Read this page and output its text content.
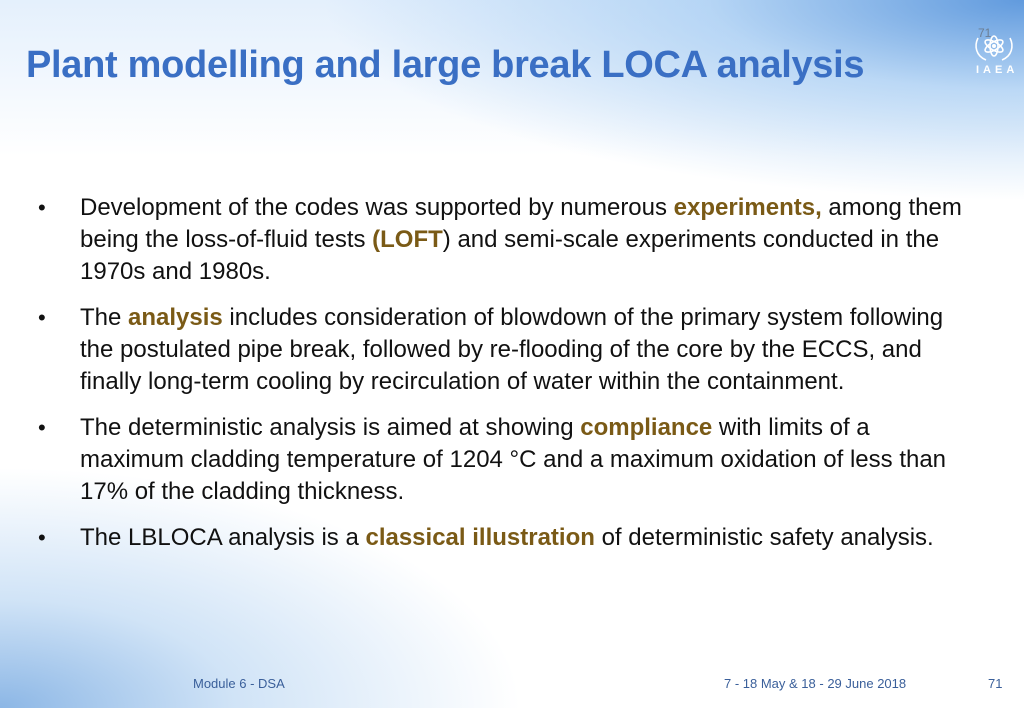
Plant modelling and large break LOCA analysis	IAEA
71
• Development of the codes was supported by numerous experiments, among them being the loss-of-fluid tests (LOFT) and semi-scale experiments conducted in the 1970s and 1980s.
• The analysis includes consideration of blowdown of the primary system following the postulated pipe break, followed by re-flooding of the core by the ECCS, and finally long-term cooling by recirculation of water within the containment.
• The deterministic analysis is aimed at showing compliance with limits of a maximum cladding temperature of 1204 °C and a maximum oxidation of less than 17% of the cladding thickness.
• The LBLOCA analysis is a classical illustration of deterministic safety analysis.
Module 6 - DSA	7 - 18 May & 18 - 29 June 2018	71
